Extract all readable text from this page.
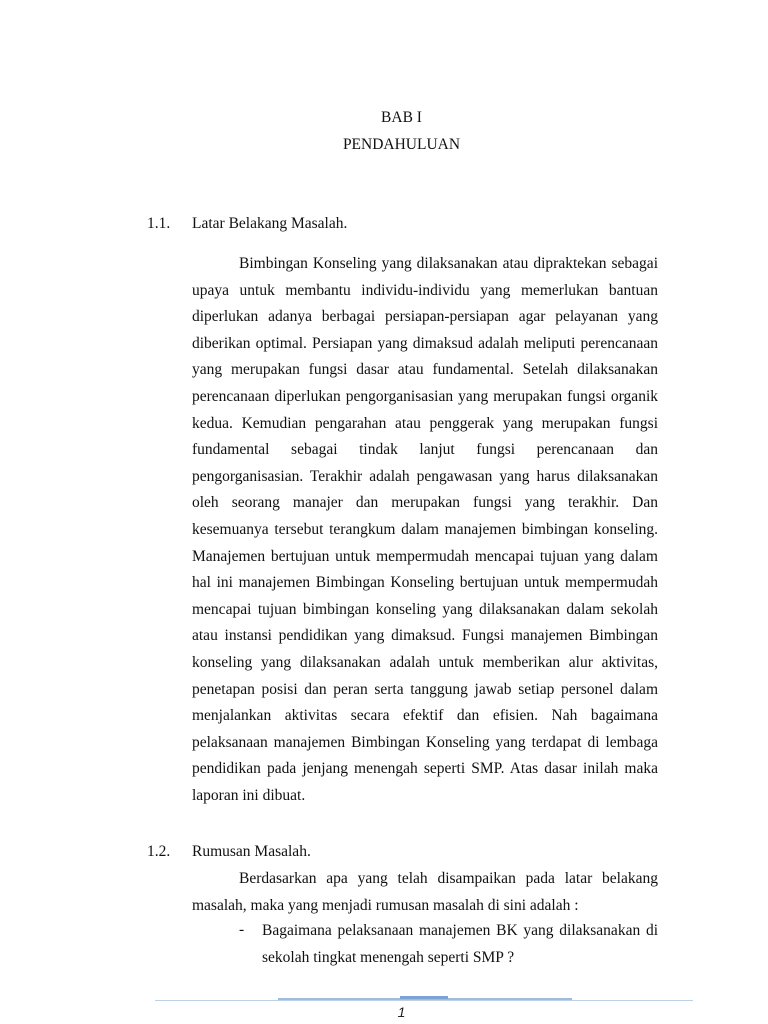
BAB I
PENDAHULUAN
1.1. Latar Belakang Masalah.
Bimbingan Konseling yang dilaksanakan atau dipraktekan sebagai
upaya untuk membantu individu-individu yang memerlukan bantuan
diperlukan adanya berbagai persiapan-persiapan agar pelayanan yang
diberikan optimal. Persiapan yang dimaksud adalah meliputi perencanaan
yang merupakan fungsi dasar atau fundamental. Setelah dilaksanakan
perencanaan diperlukan pengorganisasian yang merupakan fungsi organik
kedua. Kemudian pengarahan atau penggerak yang merupakan fungsi
fundamental sebagai tindak lanjut fungsi perencanaan dan
pengorganisasian. Terakhir adalah pengawasan yang harus dilaksanakan
oleh seorang manajer dan merupakan fungsi yang terakhir. Dan
kesemuanya tersebut terangkum dalam manajemen bimbingan konseling.
Manajemen bertujuan untuk mempermudah mencapai tujuan yang dalam
hal ini manajemen Bimbingan Konseling bertujuan untuk mempermudah
mencapai tujuan bimbingan konseling yang dilaksanakan dalam sekolah
atau instansi pendidikan yang dimaksud. Fungsi manajemen Bimbingan
konseling yang dilaksanakan adalah untuk memberikan alur aktivitas,
penetapan posisi dan peran serta tanggung jawab setiap personel dalam
menjalankan aktivitas secara efektif dan efisien. Nah bagaimana
pelaksanaan manajemen Bimbingan Konseling yang terdapat di lembaga
pendidikan pada jenjang menengah seperti SMP. Atas dasar inilah maka
laporan ini dibuat.
1.2. Rumusan Masalah.
Berdasarkan apa yang telah disampaikan pada latar belakang
masalah, maka yang menjadi rumusan masalah di sini adalah :
- Bagaimana pelaksanaan manajemen BK yang dilaksanakan di
sekolah tingkat menengah seperti SMP ?
1
